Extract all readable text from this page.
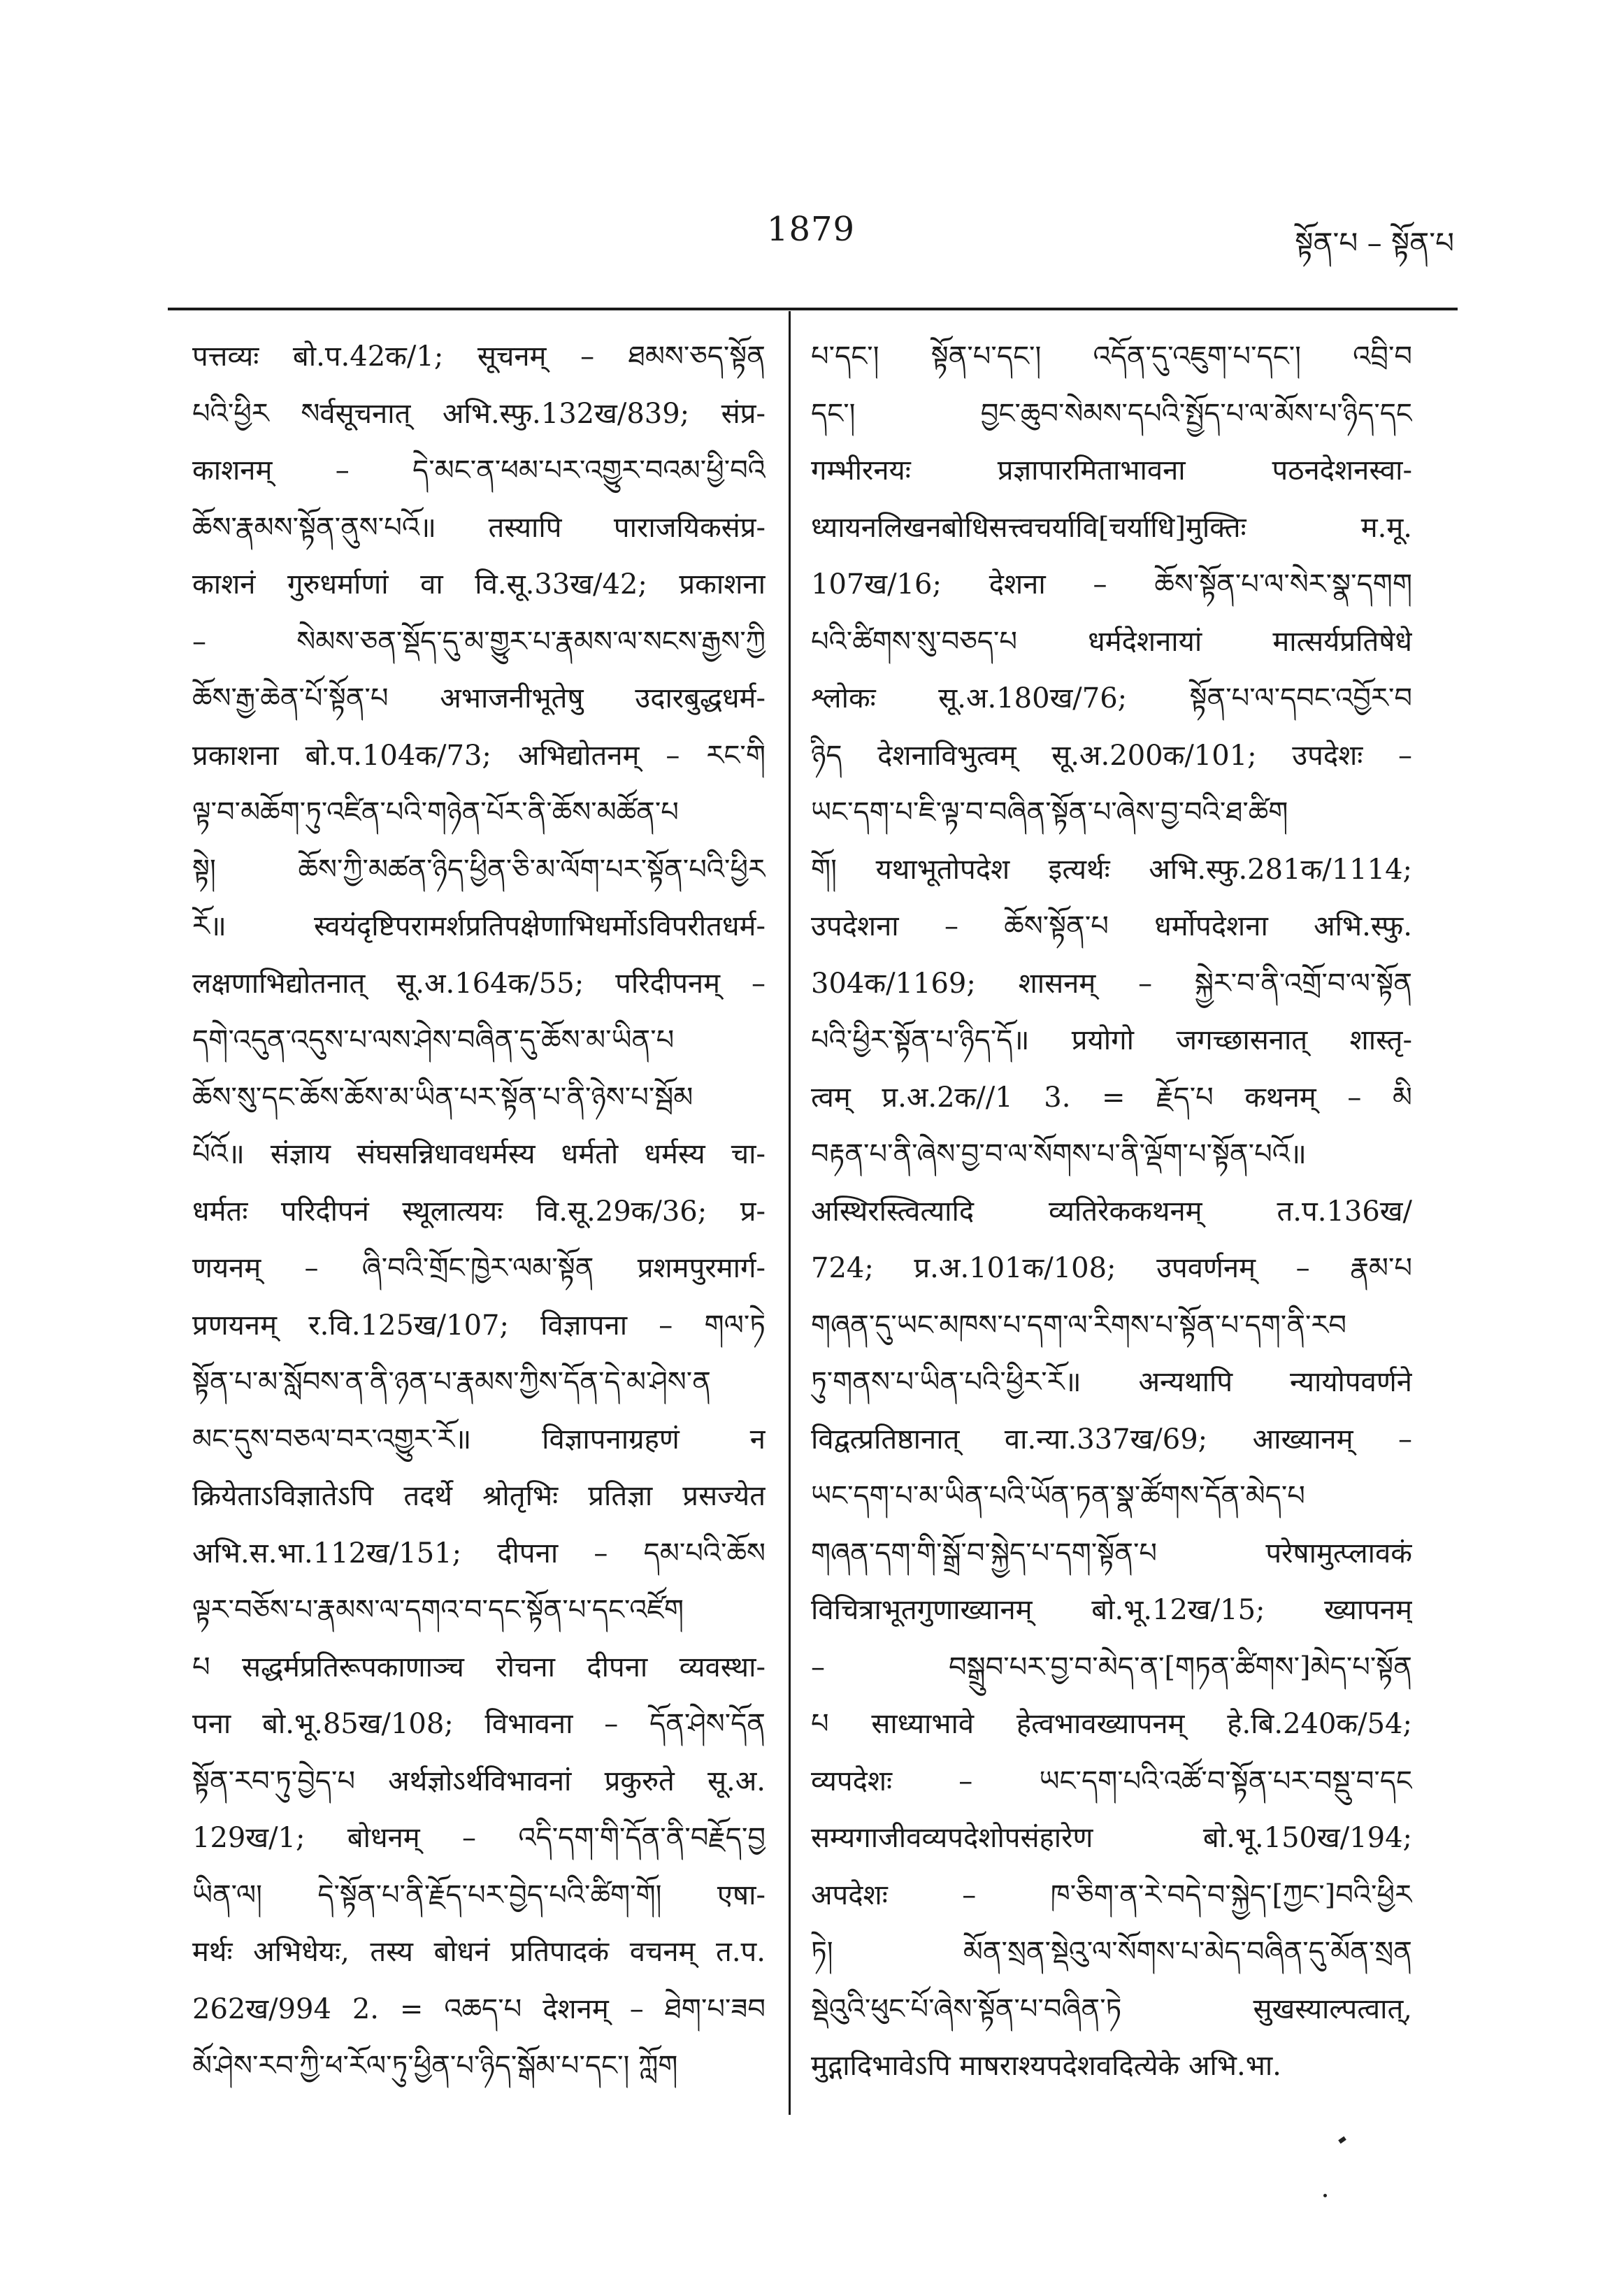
1879	སྟོན་པ – སྟོན་པ
पत्तव्यः बो.प.42क/1; सूचनम् – ཐམས་ཅད་སྟོན
པའི་ཕྱིར སर्वसूचनात् अभि.स्फु.132ख/839; संप्र-
काशनम् – དེ་མང་ན་ཕམ་པར་འགྱུར་བའམ་ཕྱི་བའི
ཆོས་རྣམས་སྟོན་ནུས་པའོ॥ तस्यापि पाराजयिकसंप्र-
काशनं गुरुधर्माणां वा वि.सू.33ख/42; प्रकाशना
– སེམས་ཅན་སྡོད་དུ་མ་གྱུར་པ་རྣམས་ལ་སངས་རྒྱས་ཀྱི
ཆོས་རྒྱ་ཆེན་པོ་སྟོན་པ अभाजनीभूतेषु उदारबुद्धधर्म-
प्रकाशना बो.प.104क/73; अभिद्योतनम् – རང་གི
ལྟ་བ་མཆོག་ཏུ་འཛིན་པའི་གཉེན་པོར་ནི་ཆོས་མཚོན་པ
སྟེ། ཆོས་ཀྱི་མཚན་ཉིད་ཕྱིན་ཅི་མ་ལོག་པར་སྟོན་པའི་ཕྱིར
རོ॥ स्वयंदृष्टिपरामर्शप्रतिपक्षेणाभिधर्मोऽविपरीतधर्म-
लक्षणाभिद्योतनात् सू.अ.164क/55; परिदीपनम् –
དགེ་འདུན་འདུས་པ་ལས་ཤེས་བཞིན་དུ་ཆོས་མ་ཡིན་པ
ཆོས་སུ་དང་ཆོས་ཆོས་མ་ཡིན་པར་སྟོན་པ་ནི་ཉེས་པ་སྦོམ
པོའོ॥ संज्ञाय संघसन्निधावधर्मस्य धर्मतो धर्मस्य चा-
धर्मतः परिदीपनं स्थूलात्ययः वि.सू.29क/36; प्र-
णयनम् – ཞི་བའི་གྲོང་ཁྱེར་ལམ་སྟོན प्रशमपुरमार्ग-
प्रणयनम् र.वि.125ख/107; विज्ञापना – གལ་ཏེ
སྟོན་པ་མ་སློབས་ན་ནི་ཉན་པ་རྣམས་ཀྱིས་དོན་དེ་མ་ཤེས་ན
མང་དུས་བཅལ་བར་འགྱུར་རོ॥ विज्ञापनाग्रहणं न
क्रियेताऽविज्ञातेऽपि तदर्थे श्रोतृभिः प्रतिज्ञा प्रसज्येत
अभि.स.भा.112ख/151; दीपना – དམ་པའི་ཆོས
ལྟར་བཅོས་པ་རྣམས་ལ་དགའ་བ་དང་སྟོན་པ་དང་འཛོག
པ सद्धर्मप्रतिरूपकाणाञ्च रोचना दीपना व्यवस्था-
पना बो.भू.85ख/108; विभावना – དོན་ཤེས་དོན
སྟོན་རབ་ཏུ་བྱེད་པ अर्थज्ञोऽर्थविभावनां प्रकुरुते सू.अ.
129ख/1; बोधनम् – འདི་དག་གི་དོན་ནི་བརྗོད་བྱ
ཡིན་ལ། དེ་སྟོན་པ་ནི་རྗོད་པར་བྱེད་པའི་ཚིག་གོ། एषा-
मर्थः अभिधेयः, तस्य बोधनं प्रतिपादकं वचनम् त.प.
262ख/994 2. = འཆད་པ देशनम् – ཐེག་པ་ཟབ
མོ་ཤེས་རབ་ཀྱི་ཕ་རོལ་ཏུ་ཕྱིན་པ་ཉིད་སྒོམ་པ་དང་། ཀློག
པ་དང་། སྟོན་པ་དང་། འདོན་དུ་འཇུག་པ་དང་། འབྲི་བ
དང་། བྱང་ཆུབ་སེམས་དཔའི་སྤྱོད་པ་ལ་མོས་པ་ཉིད་དང
गम्भीरनयः प्रज्ञापारमिताभावना पठनदेशनस्वा-
ध्यायनलिखनबोधिसत्त्वचर्यावि[चर्याधि]मुक्तिः म.मू.
107ख/16; देशना – ཆོས་སྟོན་པ་ལ་སེར་སྣ་དགག
པའི་ཚིགས་སུ་བཅད་པ धर्मदेशनायां मात्सर्यप्रतिषेधे
श्लोकः सू.अ.180ख/76; སྟོན་པ་ལ་དབང་འབྱོར་བ
ཉིད देशनाविभुत्वम् सू.अ.200क/101; उपदेशः –
ཡང་དག་པ་ཇི་ལྟ་བ་བཞིན་སྟོན་པ་ཞེས་བྱ་བའི་ཐ་ཚིག
གོ། यथाभूतोपदेश इत्यर्थः अभि.स्फु.281क/1114;
उपदेशना – ཆོས་སྟོན་པ धर्मोपदेशना अभि.स्फु.
304क/1169; शासनम् – སྐྱེར་བ་ནི་འགྲོ་བ་ལ་སྟོན
པའི་ཕྱིར་སྟོན་པ་ཉིད་དོ॥ प्रयोगो जगच्छासनात् शास्तृ-
त्वम् प्र.अ.2क//1 3. = རྗོད་པ कथनम् – མི
བརྟན་པ་ནི་ཞེས་བྱ་བ་ལ་སོགས་པ་ནི་ལྡོག་པ་སྟོན་པའོ॥
अस्थिरस्त्वित्यादि व्यतिरेककथनम् त.प.136ख/
724; प्र.अ.101क/108; उपवर्णनम् – རྣམ་པ
གཞན་དུ་ཡང་མཁས་པ་དག་ལ་རིགས་པ་སྟོན་པ་དག་ནི་རབ
ཏུ་གནས་པ་ཡིན་པའི་ཕྱིར་རོ॥ अन्यथापि न्यायोपवर्णने
विद्वत्प्रतिष्ठानात् वा.न्या.337ख/69; आख्यानम् –
ཡང་དག་པ་མ་ཡིན་པའི་ཡོན་ཏན་སྣ་ཚོགས་དོན་མེད་པ
གཞན་དག་གི་སྒྲོ་བ་སྐྱེད་པ་དག་སྟོན་པ परेषामुत्प्लावकं
विचित्राभूतगुणाख्यानम् बो.भू.12ख/15; ख्यापनम्
– བསྒྲུབ་པར་བྱ་བ་མེད་ན་[གཏན་ཚིགས་]མེད་པ་སྟོན
པ साध्याभावे हेत्वभावख्यापनम् हे.बि.240क/54;
व्यपदेशः – ཡང་དག་པའི་འཚོ་བ་སྟོན་པར་བསྡུ་བ་དང
सम्यगाजीवव्यपदेशोपसंहारेण बो.भू.150ख/194;
अपदेशः – ཁ་ཅིག་ན་རེ་བདེ་བ་སྐྱེད་[ཀྱང་]བའི་ཕྱིར
ཏེ། མོན་སྲན་སྡེའུ་ལ་སོགས་པ་མེད་བཞིན་དུ་མོན་སྲན
སྡེའུའི་ཕུང་པོ་ཞེས་སྟོན་པ་བཞིན་ཏེ सुखस्याल्पत्वात्,
मुद्गादिभावेऽपि माषराश्यपदेशवदित्येके अभि.भा.
